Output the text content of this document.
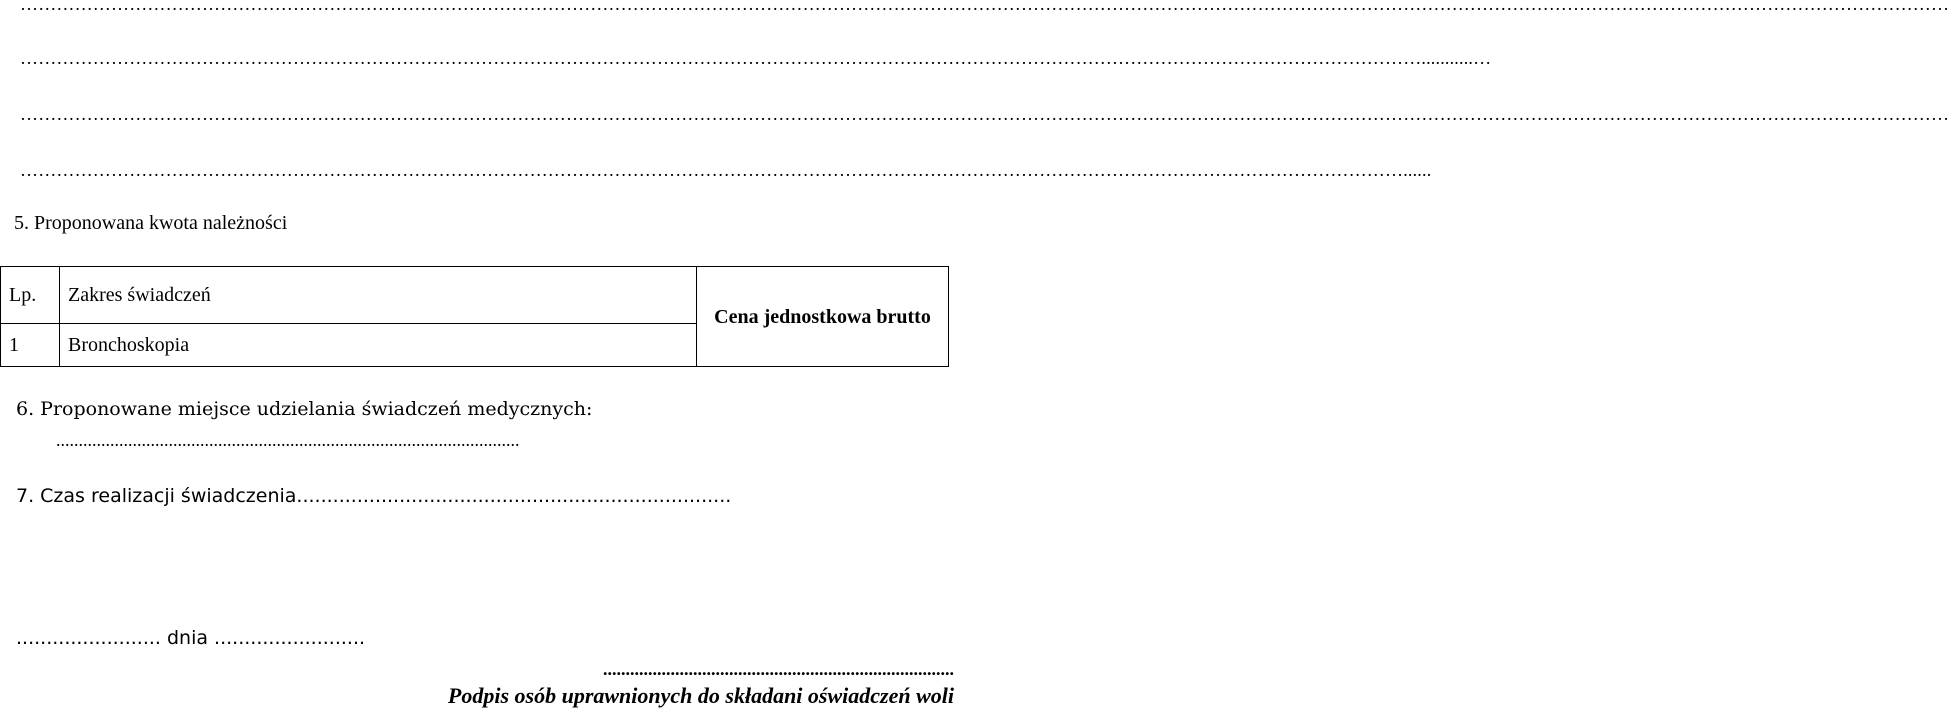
…………………………………………………………………………………………………………………………………………………………………………………………………………………………………………………………………………………………
……………………………………………………………………………………………………………………………………………………………………………………………………………...........…
…………………………………………………………………………………………………………………………………………………………………………………………………………………………………………………………………………………………
…………………………………………………………………………………………………………………………………………………………………………………………………………......
5. Proponowana kwota należności
Lp.	Zakres świadczeń	Cena jednostkowa brutto
1	Bronchoskopia	
6. Proponowane miejsce udzielania świadczeń medycznych:
.......................................................................................................
7. Czas realizacji świadczenia........................................................................
........................ dnia .........................
..............................................................................
Podpis osób uprawnionych do składani oświadczeń woli
